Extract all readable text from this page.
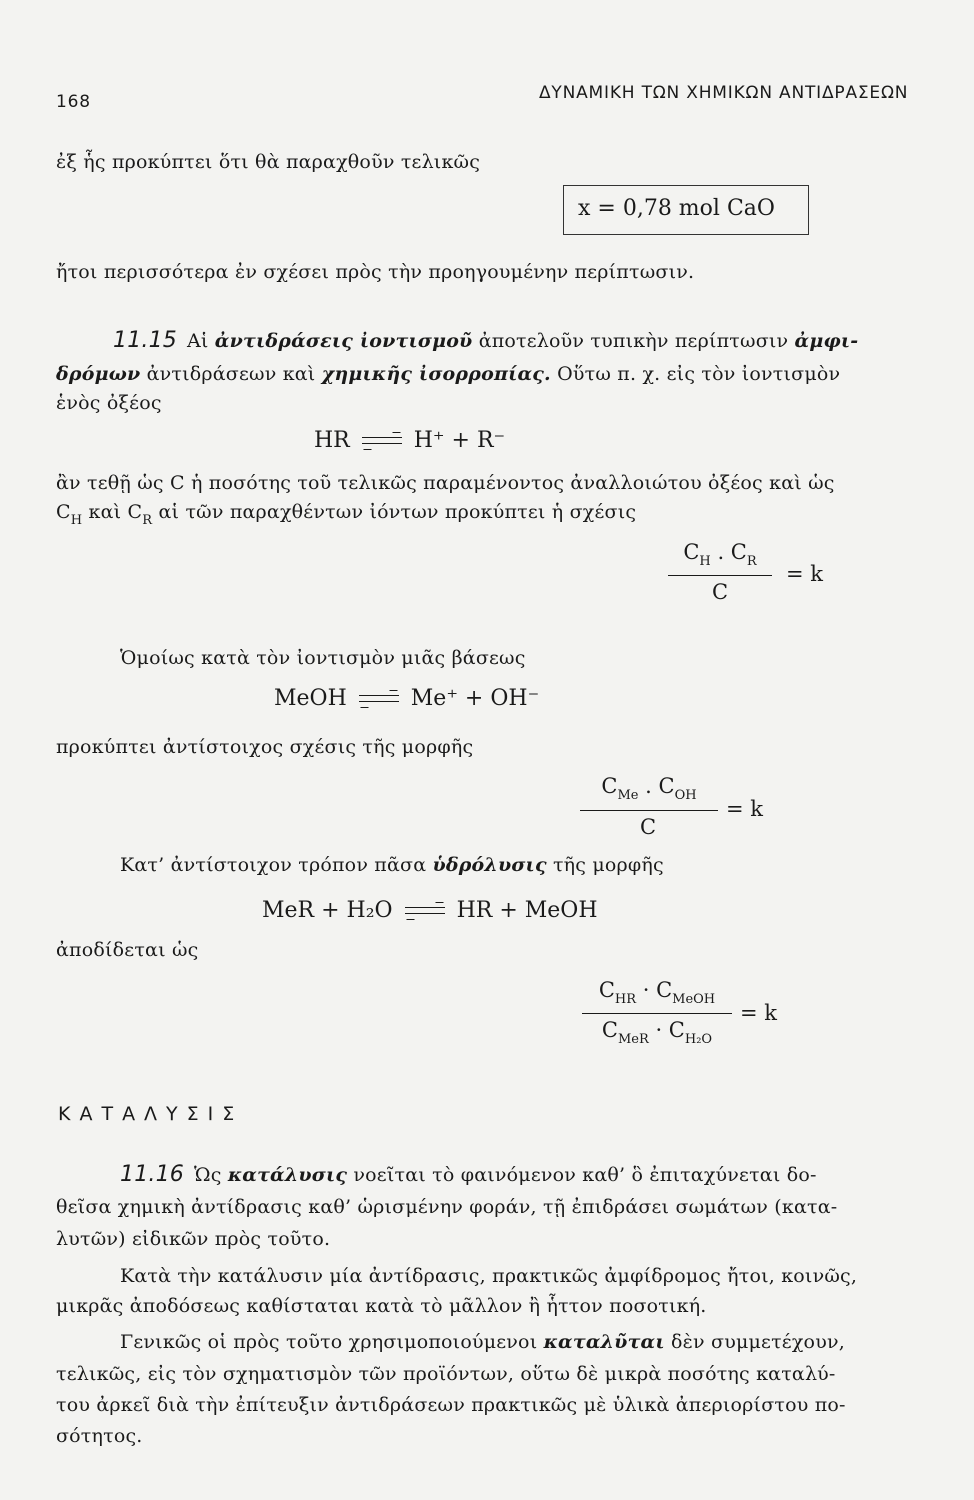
168	ΔΥΝΑΜΙΚΗ ΤΩΝ ΧΗΜΙΚΩΝ ΑΝΤΙΔΡΑΣΕΩΝ
ἐξ ἧς προκύπτει ὅτι θὰ παραχθοῦν τελικῶς
x = 0,78 mol CaO
ἤτοι περισσότερα ἐν σχέσει πρὸς τὴν προηγουμένην περίπτωσιν.
11.15 Αἱ ἀντιδράσεις ἰοντισμοῦ ἀποτελοῦν τυπικὴν περίπτωσιν ἀμφι-
δρόμων ἀντιδράσεων καὶ χημικῆς ἰσορροπίας. Οὕτω π. χ. εἰς τὸν ἰοντισμὸν
ἑνὸς ὀξέος
HR → H⁺ + R⁻
ἂν τεθῇ ὡς C ἡ ποσότης τοῦ τελικῶς παραμένοντος ἀναλλοιώτου ὀξέος καὶ ὡς
$C_H$ καὶ $C_R$ αἱ τῶν παραχθέντων ἰόντων προκύπτει ἡ σχέσις
$C_H$ . $C_R$
C
= k
Ὁμοίως κατὰ τὸν ἰοντισμὸν μιᾶς βάσεως
MeOH → Me⁺ + OH⁻
προκύπτει ἀντίστοιχος σχέσις τῆς μορφῆς
$C_{Me}$ . $C_{OH}$
C
= k
Κατ’ ἀντίστοιχον τρόπον πᾶσα ὑδρόλυσις τῆς μορφῆς
MeR + H₂O → HR + MeOH
ἀποδίδεται ὡς
$C_{HR} \cdot C_{MeOH}$
$C_{MeR} \cdot C_{H_2O}$
= k
ΚΑΤΑΛΥΣΙΣ
11.16 Ὡς κατάλυσις νοεῖται τὸ φαινόμενον καθ’ ὃ ἐπιταχύνεται δο-
θεῖσα χημικὴ ἀντίδρασις καθ’ ὡρισμένην φοράν, τῇ ἐπιδράσει σωμάτων (κατα-
λυτῶν) εἰδικῶν πρὸς τοῦτο.
Κατὰ τὴν κατάλυσιν μία ἀντίδρασις, πρακτικῶς ἀμφίδρομος ἤτοι, κοινῶς,
μικρᾶς ἀποδόσεως καθίσταται κατὰ τὸ μᾶλλον ἢ ἧττον ποσοτική.
Γενικῶς οἱ πρὸς τοῦτο χρησιμοποιούμενοι καταλῦται δὲν συμμετέχουν,
τελικῶς, εἰς τὸν σχηματισμὸν τῶν προϊόντων, οὕτω δὲ μικρὰ ποσότης καταλύ-
του ἀρκεῖ διὰ τὴν ἐπίτευξιν ἀντιδράσεων πρακτικῶς μὲ ὑλικὰ ἀπεριορίστου πο-
σότητος.
